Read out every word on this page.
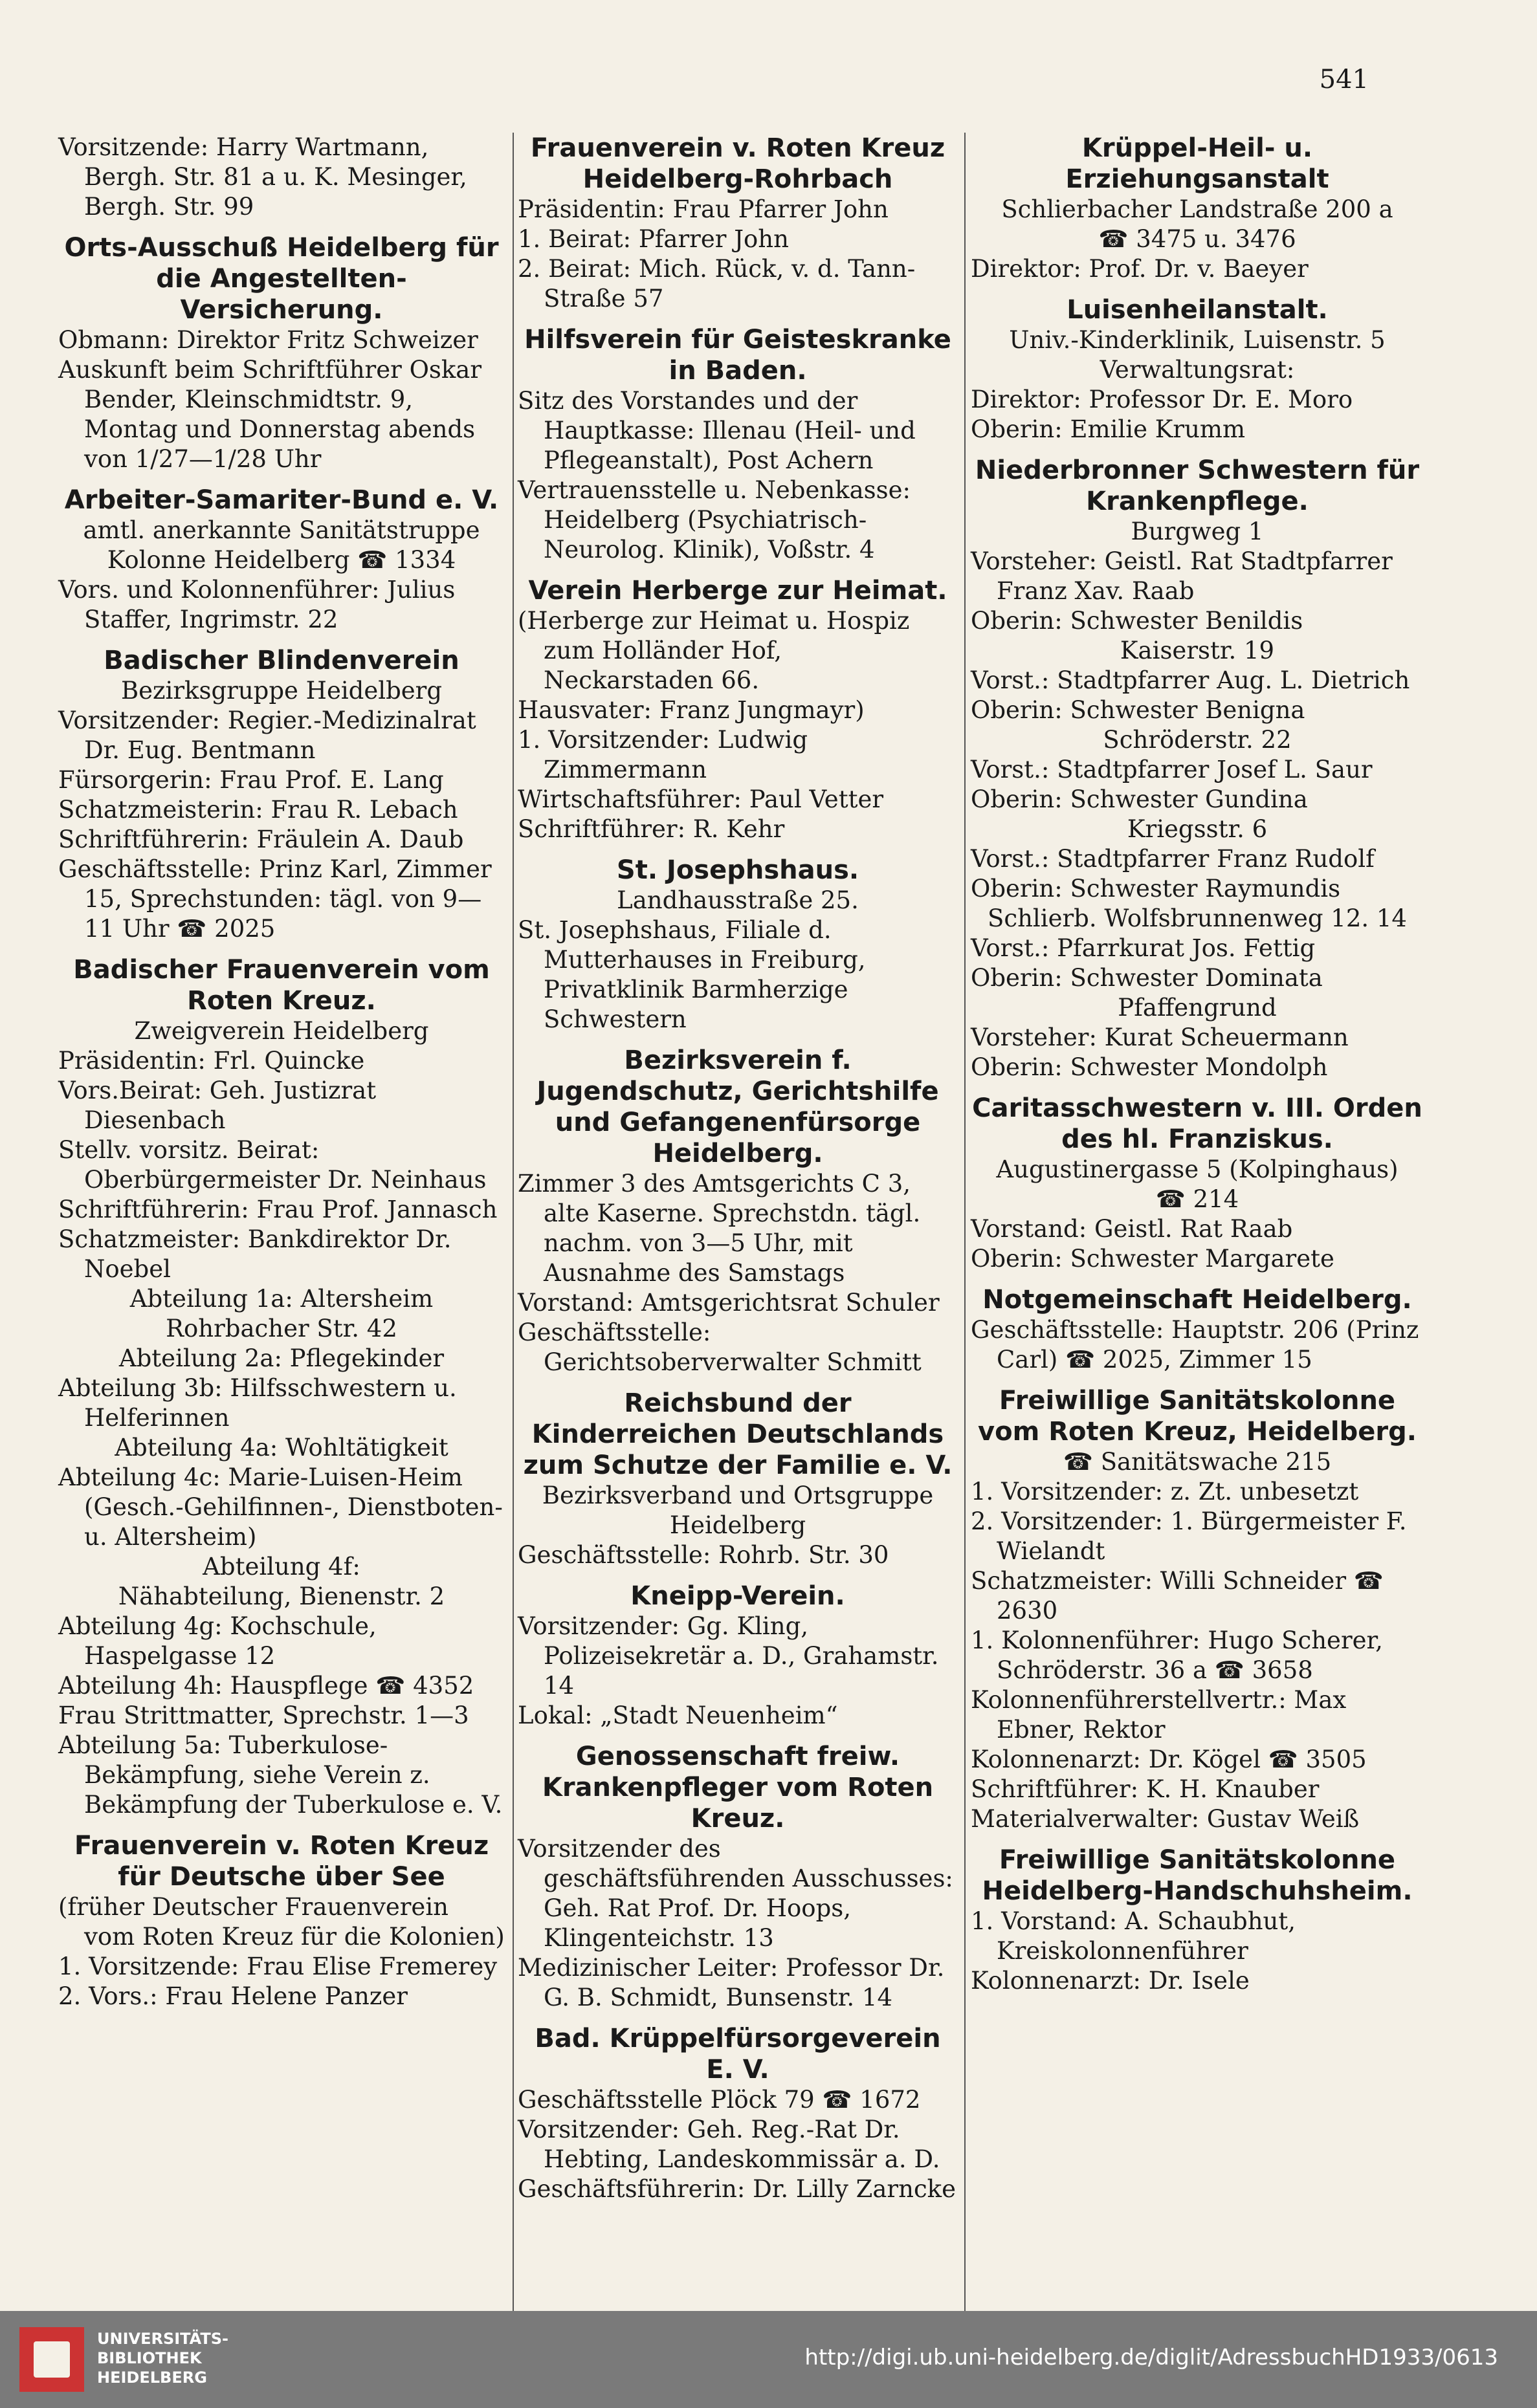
541
Vorsitzende: Harry Wartmann, Bergh. Str. 81 a u. K. Mesinger, Bergh. Str. 99
Orts-Ausschuß Heidelberg für die Angestellten-Versicherung.
Obmann: Direktor Fritz Schweizer
Auskunft beim Schriftführer Oskar Bender, Kleinschmidtstr. 9, Montag und Donnerstag abends von 1/27—1/28 Uhr
Arbeiter-Samariter-Bund e. V.
amtl. anerkannte Sanitätstruppe
Kolonne Heidelberg ☎ 1334
Vors. und Kolonnenführer: Julius Staffer, Ingrimstr. 22
Badischer Blindenverein
Bezirksgruppe Heidelberg
Vorsitzender: Regier.-Medizinalrat Dr. Eug. Bentmann
Fürsorgerin: Frau Prof. E. Lang
Schatzmeisterin: Frau R. Lebach
Schriftführerin: Fräulein A. Daub
Geschäftsstelle: Prinz Karl, Zimmer 15, Sprechstunden: tägl. von 9—11 Uhr ☎ 2025
Badischer Frauenverein vom Roten Kreuz.
Zweigverein Heidelberg
Präsidentin: Frl. Quincke
Vors.Beirat: Geh. Justizrat Diesenbach
Stellv. vorsitz. Beirat: Oberbürgermeister Dr. Neinhaus
Schriftführerin: Frau Prof. Jannasch
Schatzmeister: Bankdirektor Dr. Noebel
Abteilung 1a: Altersheim
Rohrbacher Str. 42
Abteilung 2a: Pflegekinder
Abteilung 3b: Hilfsschwestern u. Helferinnen
Abteilung 4a: Wohltätigkeit
Abteilung 4c: Marie-Luisen-Heim (Gesch.-Gehilfinnen-, Dienstboten- u. Altersheim)
Abteilung 4f:
Nähabteilung, Bienenstr. 2
Abteilung 4g: Kochschule, Haspelgasse 12
Abteilung 4h: Hauspflege ☎ 4352
Frau Strittmatter, Sprechstr. 1—3
Abteilung 5a: Tuberkulose-Bekämpfung, siehe Verein z. Bekämpfung der Tuberkulose e. V.
Frauenverein v. Roten Kreuz für Deutsche über See
(früher Deutscher Frauenverein vom Roten Kreuz für die Kolonien)
1. Vorsitzende: Frau Elise Fremerey
2. Vors.: Frau Helene Panzer
Frauenverein v. Roten Kreuz Heidelberg-Rohrbach
Präsidentin: Frau Pfarrer John
1. Beirat: Pfarrer John
2. Beirat: Mich. Rück, v. d. Tann-Straße 57
Hilfsverein für Geisteskranke in Baden.
Sitz des Vorstandes und der Hauptkasse: Illenau (Heil- und Pflegeanstalt), Post Achern
Vertrauensstelle u. Nebenkasse: Heidelberg (Psychiatrisch-Neurolog. Klinik), Voßstr. 4
Verein Herberge zur Heimat.
(Herberge zur Heimat u. Hospiz zum Holländer Hof, Neckarstaden 66.
Hausvater: Franz Jungmayr)
1. Vorsitzender: Ludwig Zimmermann
Wirtschaftsführer: Paul Vetter
Schriftführer: R. Kehr
St. Josephshaus.
Landhausstraße 25.
St. Josephshaus, Filiale d. Mutterhauses in Freiburg, Privatklinik Barmherzige Schwestern
Bezirksverein f. Jugendschutz, Gerichtshilfe und Gefangenenfürsorge Heidelberg.
Zimmer 3 des Amtsgerichts C 3, alte Kaserne. Sprechstdn. tägl. nachm. von 3—5 Uhr, mit Ausnahme des Samstags
Vorstand: Amtsgerichtsrat Schuler
Geschäftsstelle: Gerichtsoberverwalter Schmitt
Reichsbund der Kinderreichen Deutschlands zum Schutze der Familie e. V.
Bezirksverband und Ortsgruppe Heidelberg
Geschäftsstelle: Rohrb. Str. 30
Kneipp-Verein.
Vorsitzender: Gg. Kling, Polizeisekretär a. D., Grahamstr. 14
Lokal: „Stadt Neuenheim“
Genossenschaft freiw. Krankenpfleger vom Roten Kreuz.
Vorsitzender des geschäftsführenden Ausschusses: Geh. Rat Prof. Dr. Hoops, Klingenteichstr. 13
Medizinischer Leiter: Professor Dr. G. B. Schmidt, Bunsenstr. 14
Bad. Krüppelfürsorgeverein E. V.
Geschäftsstelle Plöck 79 ☎ 1672
Vorsitzender: Geh. Reg.-Rat Dr. Hebting, Landeskommissär a. D.
Geschäftsführerin: Dr. Lilly Zarncke
Krüppel-Heil- u. Erziehungsanstalt
Schlierbacher Landstraße 200 a
☎ 3475 u. 3476
Direktor: Prof. Dr. v. Baeyer
Luisenheilanstalt.
Univ.-Kinderklinik, Luisenstr. 5
Verwaltungsrat:
Direktor: Professor Dr. E. Moro
Oberin: Emilie Krumm
Niederbronner Schwestern für Krankenpflege.
Burgweg 1
Vorsteher: Geistl. Rat Stadtpfarrer Franz Xav. Raab
Oberin: Schwester Benildis
Kaiserstr. 19
Vorst.: Stadtpfarrer Aug. L. Dietrich
Oberin: Schwester Benigna
Schröderstr. 22
Vorst.: Stadtpfarrer Josef L. Saur
Oberin: Schwester Gundina
Kriegsstr. 6
Vorst.: Stadtpfarrer Franz Rudolf
Oberin: Schwester Raymundis
Schlierb. Wolfsbrunnenweg 12. 14
Vorst.: Pfarrkurat Jos. Fettig
Oberin: Schwester Dominata
Pfaffengrund
Vorsteher: Kurat Scheuermann
Oberin: Schwester Mondolph
Caritasschwestern v. III. Orden des hl. Franziskus.
Augustinergasse 5 (Kolpinghaus)
☎ 214
Vorstand: Geistl. Rat Raab
Oberin: Schwester Margarete
Notgemeinschaft Heidelberg.
Geschäftsstelle: Hauptstr. 206 (Prinz Carl) ☎ 2025, Zimmer 15
Freiwillige Sanitätskolonne vom Roten Kreuz, Heidelberg.
☎ Sanitätswache 215
1. Vorsitzender: z. Zt. unbesetzt
2. Vorsitzender: 1. Bürgermeister F. Wielandt
Schatzmeister: Willi Schneider ☎ 2630
1. Kolonnenführer: Hugo Scherer, Schröderstr. 36 a ☎ 3658
Kolonnenführerstellvertr.: Max Ebner, Rektor
Kolonnenarzt: Dr. Kögel ☎ 3505
Schriftführer: K. H. Knauber
Materialverwalter: Gustav Weiß
Freiwillige Sanitätskolonne Heidelberg-Handschuhsheim.
1. Vorstand: A. Schaubhut, Kreiskolonnenführer
Kolonnenarzt: Dr. Isele
UNIVERSITÄTS-
BIBLIOTHEK
HEIDELBERG
http://digi.ub.uni-heidelberg.de/diglit/AdressbuchHD1933/0613
